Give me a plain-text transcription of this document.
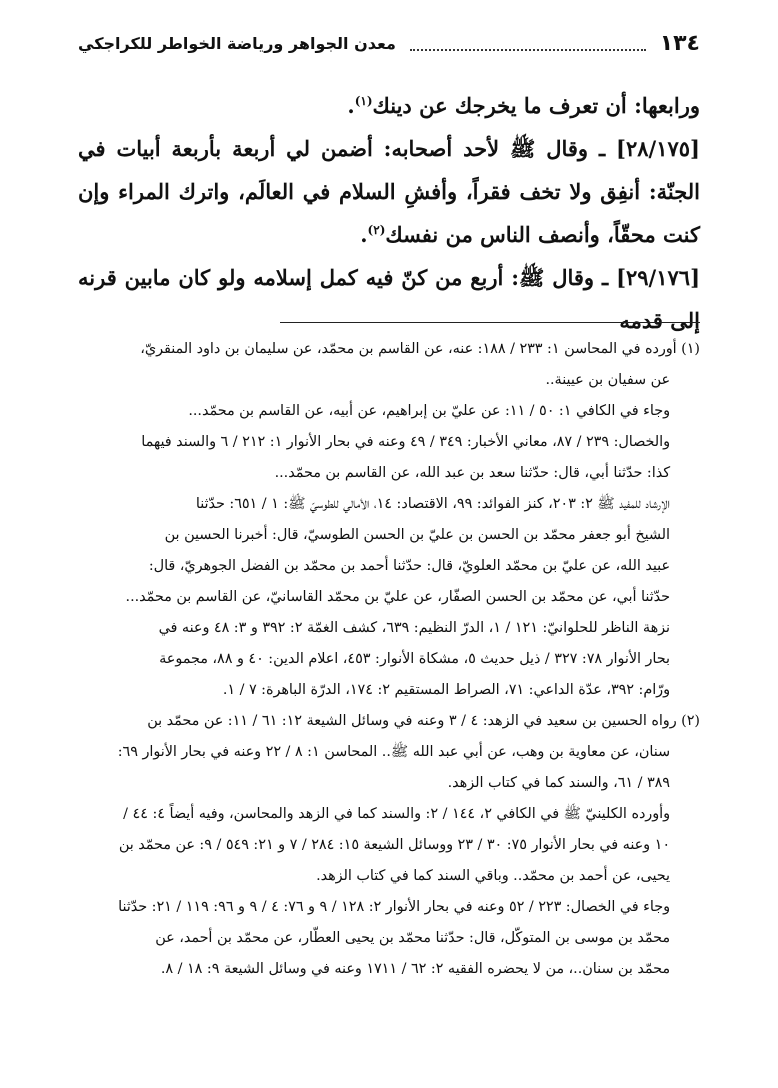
١٣٤
معدن الجواهر ورياضة الخواطر للكراجكي

ورابعها: أن تعرف ما يخرجك عن دينك$^{(١)}$.

[٢٨/١٧٥] ـ وقال ﷺ لأحد أصحابه: أضمن لي أربعة بأربعة أبيات في الجنّة: أنفِق ولا تخف فقراً، وأفشِ السلام في العالَم، واترك المراء وإن كنت محقّاً، وأنصف الناس من نفسك$^{(٢)}$.

[٢٩/١٧٦] ـ وقال ﷺ: أربع من كنّ فيه كمل إسلامه ولو كان مابين قرنه إلى قدمه

(١) أورده في المحاسن ١: ٢٣٣ / ١٨٨: عنه، عن القاسم بن محمّد، عن سليمان بن داود المنقريّ،

عن سفيان بن عيينة..

وجاء في الكافي ١: ٥٠ / ١١: عن عليّ بن إبراهيم، عن أبيه، عن القاسم بن محمّد...

والخصال: ٢٣٩ / ٨٧، معاني الأخبار: ٣٤٩ / ٤٩ وعنه في بحار الأنوار ١: ٢١٢ / ٦ والسند فيهما

كذا: حدّثنا أبي، قال: حدّثنا سعد بن عبد الله، عن القاسم بن محمّد...

الإرشاد للمفيد ﷺ ٢: ٢٠٣، كنز الفوائد: ٩٩، الاقتصاد: ١٤، الأمالي للطوسيّ ﷺ: ١ / ٦٥١: حدّثنا

الشيخ أبو جعفر محمّد بن الحسن بن عليّ بن الحسن الطوسيّ، قال: أخبرنا الحسين بن

عبيد الله، عن عليّ بن محمّد العلويّ، قال: حدّثنا أحمد بن محمّد بن الفضل الجوهريّ، قال:

حدّثنا أبي، عن محمّد بن الحسن الصفّار، عن عليّ بن محمّد القاسانيّ، عن القاسم بن محمّد...

نزهة الناظر للحلوانيّ: ١٢١ / ١، الدرّ النظيم: ٦٣٩، كشف الغمّة ٢: ٣٩٢ و ٣: ٤٨ وعنه في

بحار الأنوار ٧٨: ٣٢٧ / ذيل حديث ٥، مشكاة الأنوار: ٤٥٣، اعلام الدين: ٤٠ و ٨٨، مجموعة

ورّام: ٣٩٢، عدّة الداعي: ٧١، الصراط المستقيم ٢: ١٧٤، الدرّة الباهرة: ٧ / ١.

(٢) رواه الحسين بن سعيد في الزهد: ٤ / ٣ وعنه في وسائل الشيعة ١٢: ٦١ / ١١: عن محمّد بن

سنان، عن معاوية بن وهب، عن أبي عبد الله ﷺ.. المحاسن ١: ٨ / ٢٢ وعنه في بحار الأنوار ٦٩:

٣٨٩ / ٦١، والسند كما في كتاب الزهد.

وأورده الكلينيّ ﷺ في الكافي ٢، ١٤٤ / ٢: والسند كما في الزهد والمحاسن، وفيه أيضاً ٤: ٤٤ /

١٠ وعنه في بحار الأنوار ٧٥: ٣٠ / ٢٣ ووسائل الشيعة ١٥: ٢٨٤ / ٧ و ٢١: ٥٤٩ / ٩: عن محمّد بن

يحيى، عن أحمد بن محمّد.. وباقي السند كما في كتاب الزهد.

وجاء في الخصال: ٢٢٣ / ٥٢ وعنه في بحار الأنوار ٢: ١٢٨ / ٩ و ٧٦: ٤ / ٩ و ٩٦: ١١٩ / ٢١: حدّثنا

محمّد بن موسى بن المتوكّل، قال: حدّثنا محمّد بن يحيى العطّار، عن محمّد بن أحمد، عن

محمّد بن سنان..، من لا يحضره الفقيه ٢: ٦٢ / ١٧١١ وعنه في وسائل الشيعة ٩: ١٨ / ٨.
